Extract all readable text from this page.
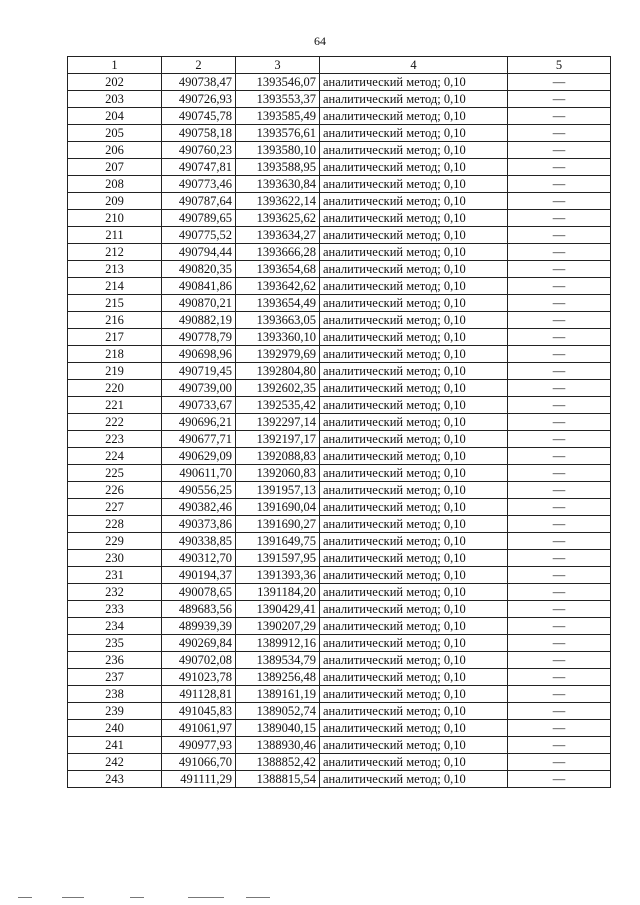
64
1	2	3	4	5
202	490738,47	1393546,07	аналитический метод; 0,10	—
203	490726,93	1393553,37	аналитический метод; 0,10	—
204	490745,78	1393585,49	аналитический метод; 0,10	—
205	490758,18	1393576,61	аналитический метод; 0,10	—
206	490760,23	1393580,10	аналитический метод; 0,10	—
207	490747,81	1393588,95	аналитический метод; 0,10	—
208	490773,46	1393630,84	аналитический метод; 0,10	—
209	490787,64	1393622,14	аналитический метод; 0,10	—
210	490789,65	1393625,62	аналитический метод; 0,10	—
211	490775,52	1393634,27	аналитический метод; 0,10	—
212	490794,44	1393666,28	аналитический метод; 0,10	—
213	490820,35	1393654,68	аналитический метод; 0,10	—
214	490841,86	1393642,62	аналитический метод; 0,10	—
215	490870,21	1393654,49	аналитический метод; 0,10	—
216	490882,19	1393663,05	аналитический метод; 0,10	—
217	490778,79	1393360,10	аналитический метод; 0,10	—
218	490698,96	1392979,69	аналитический метод; 0,10	—
219	490719,45	1392804,80	аналитический метод; 0,10	—
220	490739,00	1392602,35	аналитический метод; 0,10	—
221	490733,67	1392535,42	аналитический метод; 0,10	—
222	490696,21	1392297,14	аналитический метод; 0,10	—
223	490677,71	1392197,17	аналитический метод; 0,10	—
224	490629,09	1392088,83	аналитический метод; 0,10	—
225	490611,70	1392060,83	аналитический метод; 0,10	—
226	490556,25	1391957,13	аналитический метод; 0,10	—
227	490382,46	1391690,04	аналитический метод; 0,10	—
228	490373,86	1391690,27	аналитический метод; 0,10	—
229	490338,85	1391649,75	аналитический метод; 0,10	—
230	490312,70	1391597,95	аналитический метод; 0,10	—
231	490194,37	1391393,36	аналитический метод; 0,10	—
232	490078,65	1391184,20	аналитический метод; 0,10	—
233	489683,56	1390429,41	аналитический метод; 0,10	—
234	489939,39	1390207,29	аналитический метод; 0,10	—
235	490269,84	1389912,16	аналитический метод; 0,10	—
236	490702,08	1389534,79	аналитический метод; 0,10	—
237	491023,78	1389256,48	аналитический метод; 0,10	—
238	491128,81	1389161,19	аналитический метод; 0,10	—
239	491045,83	1389052,74	аналитический метод; 0,10	—
240	491061,97	1389040,15	аналитический метод; 0,10	—
241	490977,93	1388930,46	аналитический метод; 0,10	—
242	491066,70	1388852,42	аналитический метод; 0,10	—
243	491111,29	1388815,54	аналитический метод; 0,10	—
